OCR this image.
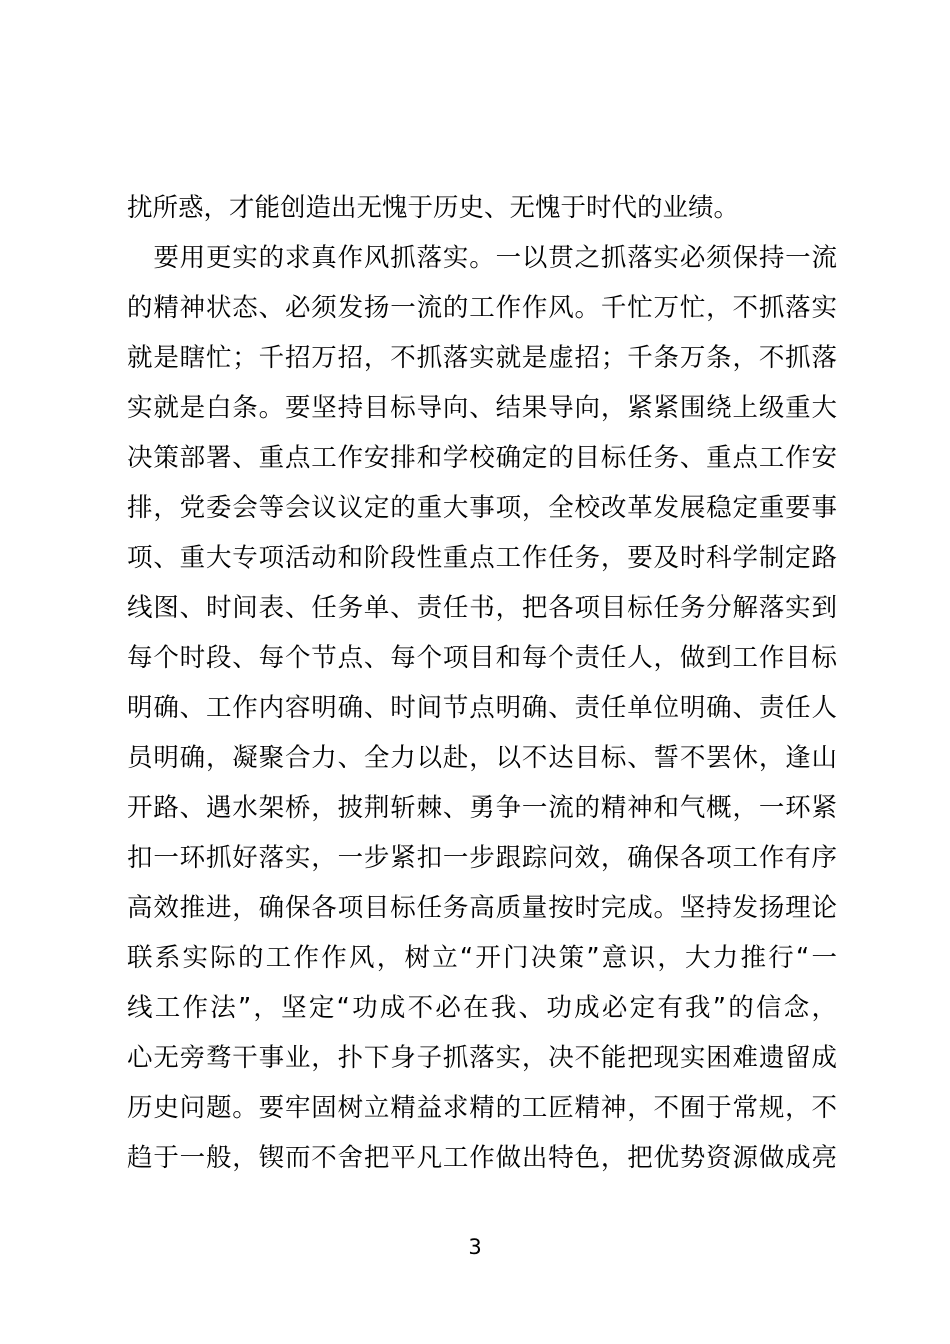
扰所惑，才能创造出无愧于历史、无愧于时代的业绩。
　要用更实的求真作风抓落实。一以贯之抓落实必须保持一流
的精神状态、必须发扬一流的工作作风。千忙万忙，不抓落实
就是瞎忙；千招万招，不抓落实就是虚招；千条万条，不抓落
实就是白条。要坚持目标导向、结果导向，紧紧围绕上级重大
决策部署、重点工作安排和学校确定的目标任务、重点工作安
排，党委会等会议议定的重大事项，全校改革发展稳定重要事
项、重大专项活动和阶段性重点工作任务，要及时科学制定路
线图、时间表、任务单、责任书，把各项目标任务分解落实到
每个时段、每个节点、每个项目和每个责任人，做到工作目标
明确、工作内容明确、时间节点明确、责任单位明确、责任人
员明确，凝聚合力、全力以赴，以不达目标、誓不罢休，逢山
开路、遇水架桥，披荆斩棘、勇争一流的精神和气概，一环紧
扣一环抓好落实，一步紧扣一步跟踪问效，确保各项工作有序
高效推进，确保各项目标任务高质量按时完成。坚持发扬理论
联系实际的工作作风，树立“开门决策”意识，大力推行“一
线工作法”，坚定“功成不必在我、功成必定有我”的信念，
心无旁骛干事业，扑下身子抓落实，决不能把现实困难遗留成
历史问题。要牢固树立精益求精的工匠精神，不囿于常规，不
趋于一般，锲而不舍把平凡工作做出特色，把优势资源做成亮
3
